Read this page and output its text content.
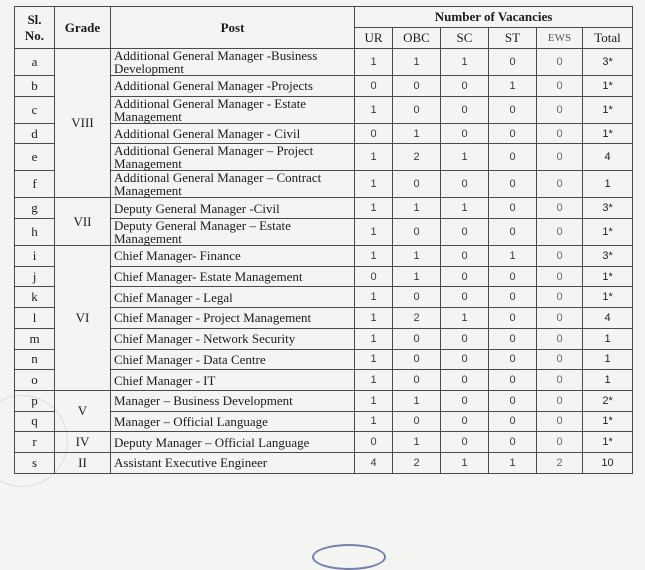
Sl. No.	Grade	Post	Number of Vacancies					
			UR	OBC	SC	ST	EWS	Total
a	VIII	Additional General Manager -Business Development	1	1	1	0	0	3*
b		Additional General Manager -Projects	0	0	0	1	0	1*
c		Additional General Manager - Estate Management	1	0	0	0	0	1*
d		Additional General Manager - Civil	0	1	0	0	0	1*
e		Additional General Manager – Project Management	1	2	1	0	0	4
f		Additional General Manager – Contract Management	1	0	0	0	0	1
g	VII	Deputy General Manager -Civil	1	1	1	0	0	3*
h		Deputy General Manager – Estate Management	1	0	0	0	0	1*
i	VI	Chief Manager- Finance	1	1	0	1	0	3*
j		Chief Manager- Estate Management	0	1	0	0	0	1*
k		Chief Manager - Legal	1	0	0	0	0	1*
l		Chief Manager - Project Management	1	2	1	0	0	4
m		Chief Manager - Network Security	1	0	0	0	0	1
n		Chief Manager - Data Centre	1	0	0	0	0	1
o		Chief Manager - IT	1	0	0	0	0	1
p	V	Manager – Business Development	1	1	0	0	0	2*
q		Manager – Official Language	1	0	0	0	0	1*
r	IV	Deputy Manager – Official Language	0	1	0	0	0	1*
s	II	Assistant Executive Engineer	4	2	1	1	2	10
